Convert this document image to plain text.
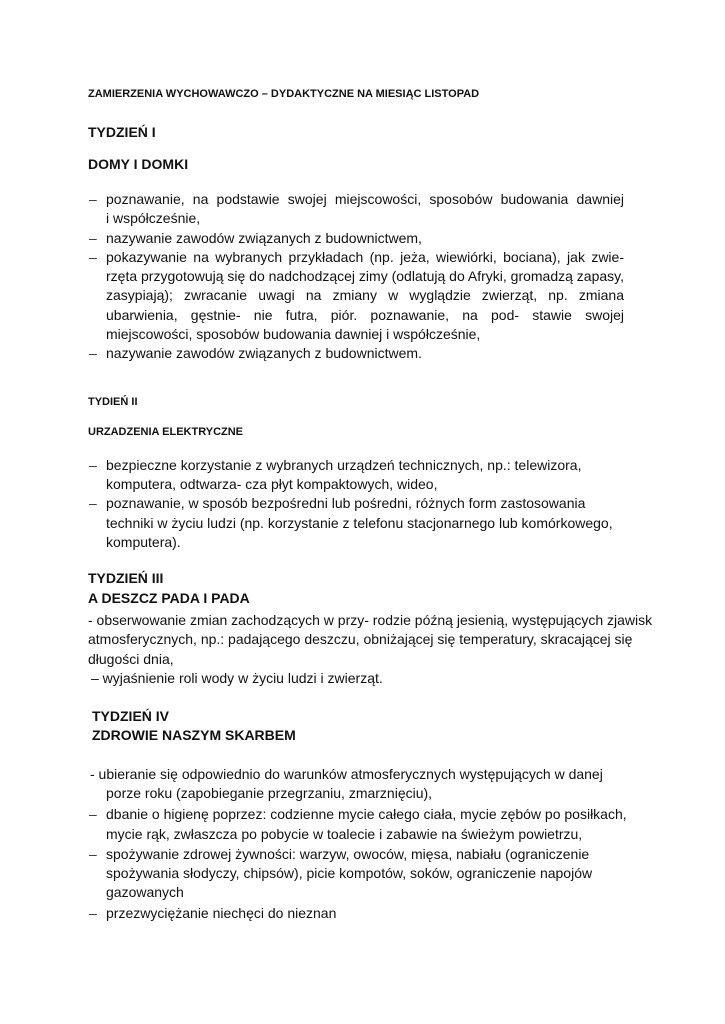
ZAMIERZENIA WYCHOWAWCZO – DYDAKTYCZNE NA MIESIĄC LISTOPAD
TYDZIEŃ I
DOMY I DOMKI
– poznawanie, na podstawie swojej miejscowości, sposobów budowania dawniej
i współcześnie,
– nazywanie zawodów związanych z budownictwem,
– pokazywanie na wybranych przykładach (np. jeża, wiewiórki, bociana), jak zwie-
rzęta przygotowują się do nadchodzącej zimy (odlatują do Afryki, gromadzą zapasy,
zasypiają); zwracanie uwagi na zmiany w wyglądzie zwierząt, np. zmiana
ubarwienia, gęstnie- nie futra, piór. poznawanie, na pod- stawie swojej
miejscowości, sposobów budowania dawniej i współcześnie,
– nazywanie zawodów związanych z budownictwem.
TYDIEŃ II
URZADZENIA ELEKTRYCZNE
– bezpieczne korzystanie z wybranych urządzeń technicznych, np.: telewizora,
komputera, odtwarza- cza płyt kompaktowych, wideo,
– poznawanie, w sposób bezpośredni lub pośredni, różnych form zastosowania
techniki w życiu ludzi (np. korzystanie z telefonu stacjonarnego lub komórkowego,
komputera).
TYDZIEŃ III
A DESZCZ PADA I PADA
- obserwowanie zmian zachodzących w przy- rodzie późną jesienią, występujących zjawisk
atmosferycznych, np.: padającego deszczu, obniżającej się temperatury, skracającej się
długości dnia,
– wyjaśnienie roli wody w życiu ludzi i zwierząt.
TYDZIEŃ IV
ZDROWIE NASZYM SKARBEM
- ubieranie się odpowiednio do warunków atmosferycznych występujących w danej
porze roku (zapobieganie przegrzaniu, zmarznięciu),
– dbanie o higienę poprzez: codzienne mycie całego ciała, mycie zębów po posiłkach,
mycie rąk, zwłaszcza po pobycie w toalecie i zabawie na świeżym powietrzu,
– spożywanie zdrowej żywności: warzyw, owoców, mięsa, nabiału (ograniczenie
spożywania słodyczy, chipsów), picie kompotów, soków, ograniczenie napojów
gazowanych
– przezwyciężanie niechęci do nieznan
